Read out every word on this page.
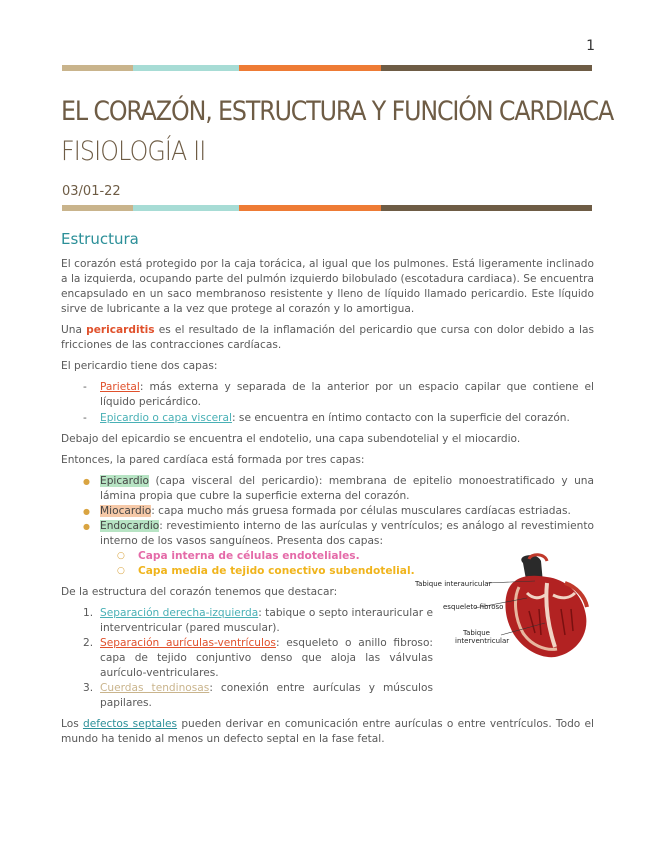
1
EL CORAZÓN, ESTRUCTURA Y FUNCIÓN CARDIACA
FISIOLOGÍA II
03/01-22
Estructura

El corazón está protegido por la caja torácica, al igual que los pulmones. Está ligeramente inclinado a la izquierda, ocupando parte del pulmón izquierdo bilobulado (escotadura cardiaca). Se encuentra encapsulado en un saco membranoso resistente y lleno de líquido llamado pericardio. Este líquido sirve de lubricante a la vez que protege al corazón y lo amortigua.

Una pericarditis es el resultado de la inflamación del pericardio que cursa con dolor debido a las fricciones de las contracciones cardíacas.

El pericardio tiene dos capas:

- Parietal: más externa y separada de la anterior por un espacio capilar que contiene el líquido pericárdico.
- Epicardio o capa visceral: se encuentra en íntimo contacto con la superficie del corazón.

Debajo del epicardio se encuentra el endotelio, una capa subendotelial y el miocardio.

Entonces, la pared cardíaca está formada por tres capas:

● Epicardio (capa visceral del pericardio): membrana de epitelio monoestratificado y una lámina propia que cubre la superficie externa del corazón.
● Miocardio: capa mucho más gruesa formada por células musculares cardíacas estriadas.
● Endocardio: revestimiento interno de las aurículas y ventrículos; es análogo al revestimiento interno de los vasos sanguíneos. Presenta dos capas:
○ Capa interna de células endoteliales.
○ Capa media de tejido conectivo subendotelial.

De la estructura del corazón tenemos que destacar:

1. Separación derecha-izquierda: tabique o septo interauricular e interventricular (pared muscular).
2. Separación aurículas-ventrículos: esqueleto o anillo fibroso: capa de tejido conjuntivo denso que aloja las válvulas aurículo-ventriculares.
3. Cuerdas tendinosas: conexión entre aurículas y músculos papilares.

Los defectos septales pueden derivar en comunicación entre aurículas o entre ventrículos. Todo el mundo ha tenido al menos un defecto septal en la fase fetal.

Tabique interauricular
esqueleto fibroso
Tabique
interventricular
